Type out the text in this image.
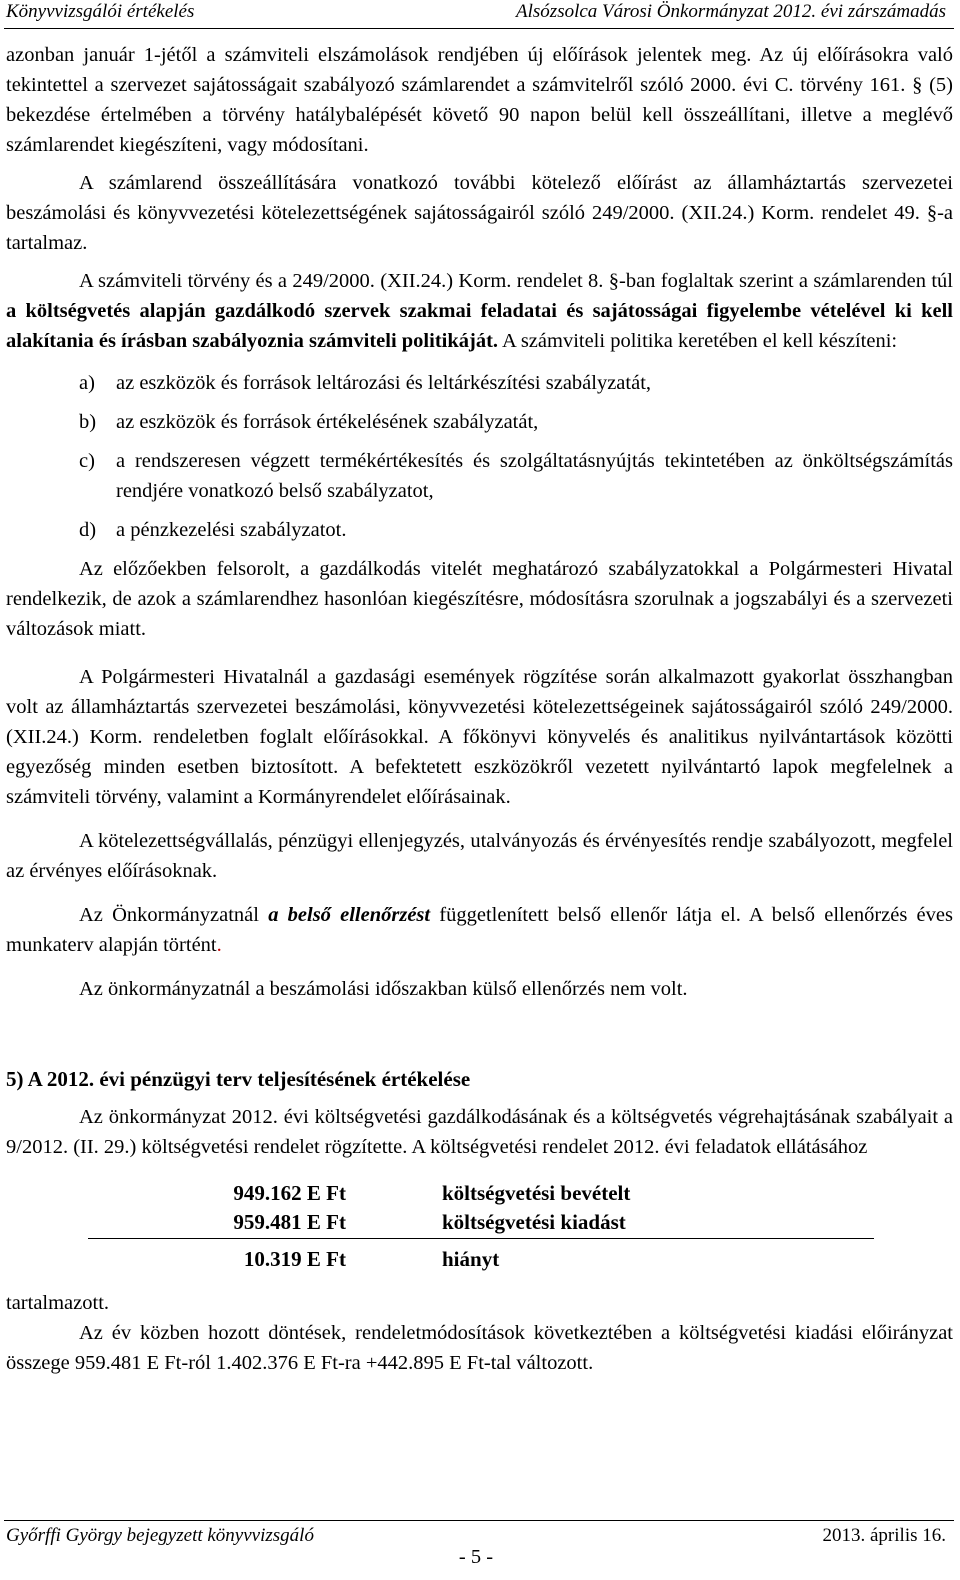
Könyvvizsgálói értékelés	Alsózsolca Városi Önkormányzat 2012. évi zárszámadás

azonban január 1-jétől a számviteli elszámolások rendjében új előírások jelentek meg. Az új előírásokra való tekintettel a szervezet sajátosságait szabályozó számlarendet a számvitelről szóló 2000. évi C. törvény 161. § (5) bekezdése értelmében a törvény hatálybalépését követő 90 napon belül kell összeállítani, illetve a meglévő számlarendet kiegészíteni, vagy módosítani.

A számlarend összeállítására vonatkozó további kötelező előírást az államháztartás szervezetei beszámolási és könyvvezetési kötelezettségének sajátosságairól szóló 249/2000. (XII.24.) Korm. rendelet 49. §-a tartalmaz.

A számviteli törvény és a 249/2000. (XII.24.) Korm. rendelet 8. §-ban foglaltak szerint a számlarenden túl a költségvetés alapján gazdálkodó szervek szakmai feladatai és sajátosságai figyelembe vételével ki kell alakítania és írásban szabályoznia számviteli politikáját. A számviteli politika keretében el kell készíteni:

a) az eszközök és források leltározási és leltárkészítési szabályzatát,
b) az eszközök és források értékelésének szabályzatát,
c) a rendszeresen végzett termékértékesítés és szolgáltatásnyújtás tekintetében az önköltségszámítás rendjére vonatkozó belső szabályzatot,
d) a pénzkezelési szabályzatot.

Az előzőekben felsorolt, a gazdálkodás vitelét meghatározó szabályzatokkal a Polgármesteri Hivatal rendelkezik, de azok a számlarendhez hasonlóan kiegészítésre, módosításra szorulnak a jogszabályi és a szervezeti változások miatt.

A Polgármesteri Hivatalnál a gazdasági események rögzítése során alkalmazott gyakorlat összhangban volt az államháztartás szervezetei beszámolási, könyvvezetési kötelezettségeinek sajátosságairól szóló 249/2000. (XII.24.) Korm. rendeletben foglalt előírásokkal. A főkönyvi könyvelés és analitikus nyilvántartások közötti egyezőség minden esetben biztosított. A befektetett eszközökről vezetett nyilvántartó lapok megfelelnek a számviteli törvény, valamint a Kormányrendelet előírásainak.

A kötelezettségvállalás, pénzügyi ellenjegyzés, utalványozás és érvényesítés rendje szabályozott, megfelel az érvényes előírásoknak.

Az Önkormányzatnál a belső ellenőrzést függetlenített belső ellenőr látja el. A belső ellenőrzés éves munkaterv alapján történt.

Az önkormányzatnál a beszámolási időszakban külső ellenőrzés nem volt.

5) A 2012. évi pénzügyi terv teljesítésének értékelése

Az önkormányzat 2012. évi költségvetési gazdálkodásának és a költségvetés végrehajtásának szabályait a 9/2012. (II. 29.) költségvetési rendelet rögzítette. A költségvetési rendelet 2012. évi feladatok ellátásához

949.162 E Ft	költségvetési bevételt
959.481 E Ft	költségvetési kiadást
10.319 E Ft	hiányt

tartalmazott.

Az év közben hozott döntések, rendeletmódosítások következtében a költségvetési kiadási előirányzat összege 959.481 E Ft-ról 1.402.376 E Ft-ra +442.895 E Ft-tal változott.

Győrffi György bejegyzett könyvvizsgáló	2013. április 16.
- 5 -
